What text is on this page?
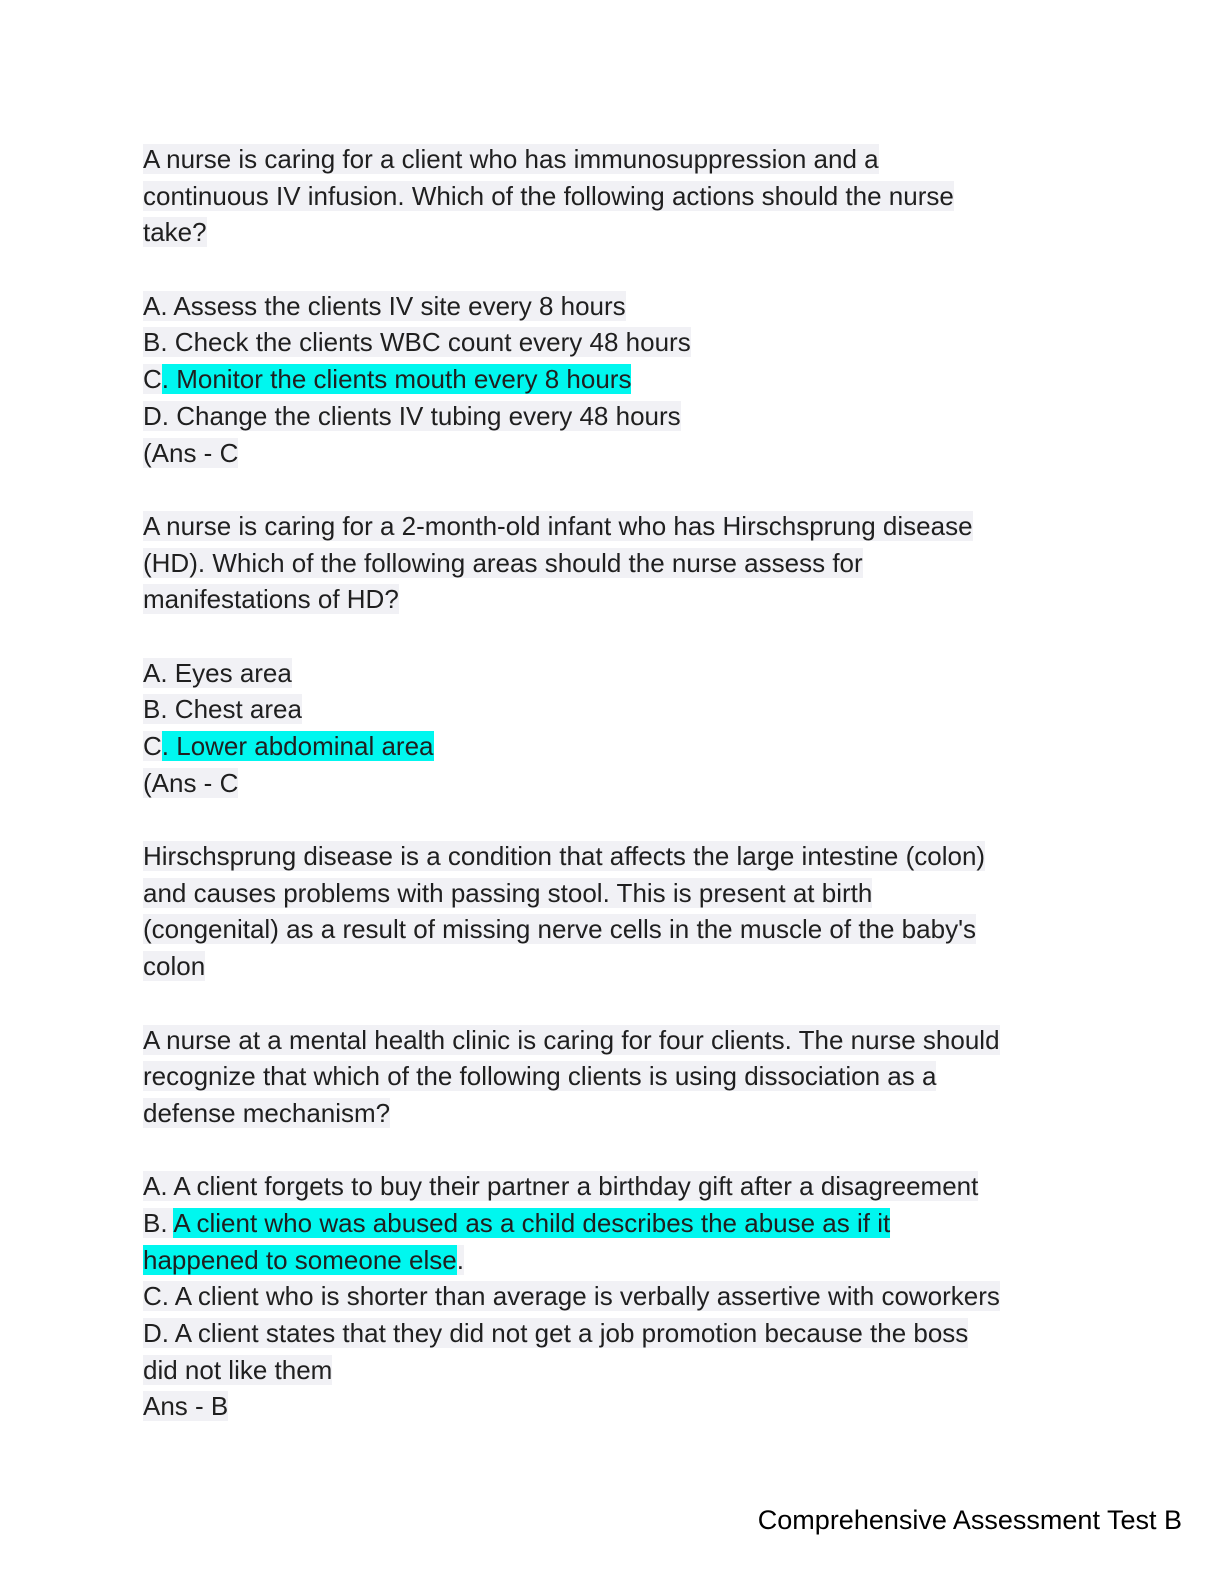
A nurse is caring for a client who has immunosuppression and a
continuous IV infusion. Which of the following actions should the nurse
take?
A. Assess the clients IV site every 8 hours
B. Check the clients WBC count every 48 hours
C. Monitor the clients mouth every 8 hours
D. Change the clients IV tubing every 48 hours
(Ans - C
A nurse is caring for a 2-month-old infant who has Hirschsprung disease
(HD). Which of the following areas should the nurse assess for
manifestations of HD?
A. Eyes area
B. Chest area
C. Lower abdominal area
(Ans - C
Hirschsprung disease is a condition that affects the large intestine (colon)
and causes problems with passing stool. This is present at birth
(congenital) as a result of missing nerve cells in the muscle of the baby's
colon
A nurse at a mental health clinic is caring for four clients. The nurse should
recognize that which of the following clients is using dissociation as a
defense mechanism?
A. A client forgets to buy their partner a birthday gift after a disagreement
B. A client who was abused as a child describes the abuse as if it
happened to someone else.
C. A client who is shorter than average is verbally assertive with coworkers
D. A client states that they did not get a job promotion because the boss
did not like them
Ans - B
Comprehensive Assessment Test B
